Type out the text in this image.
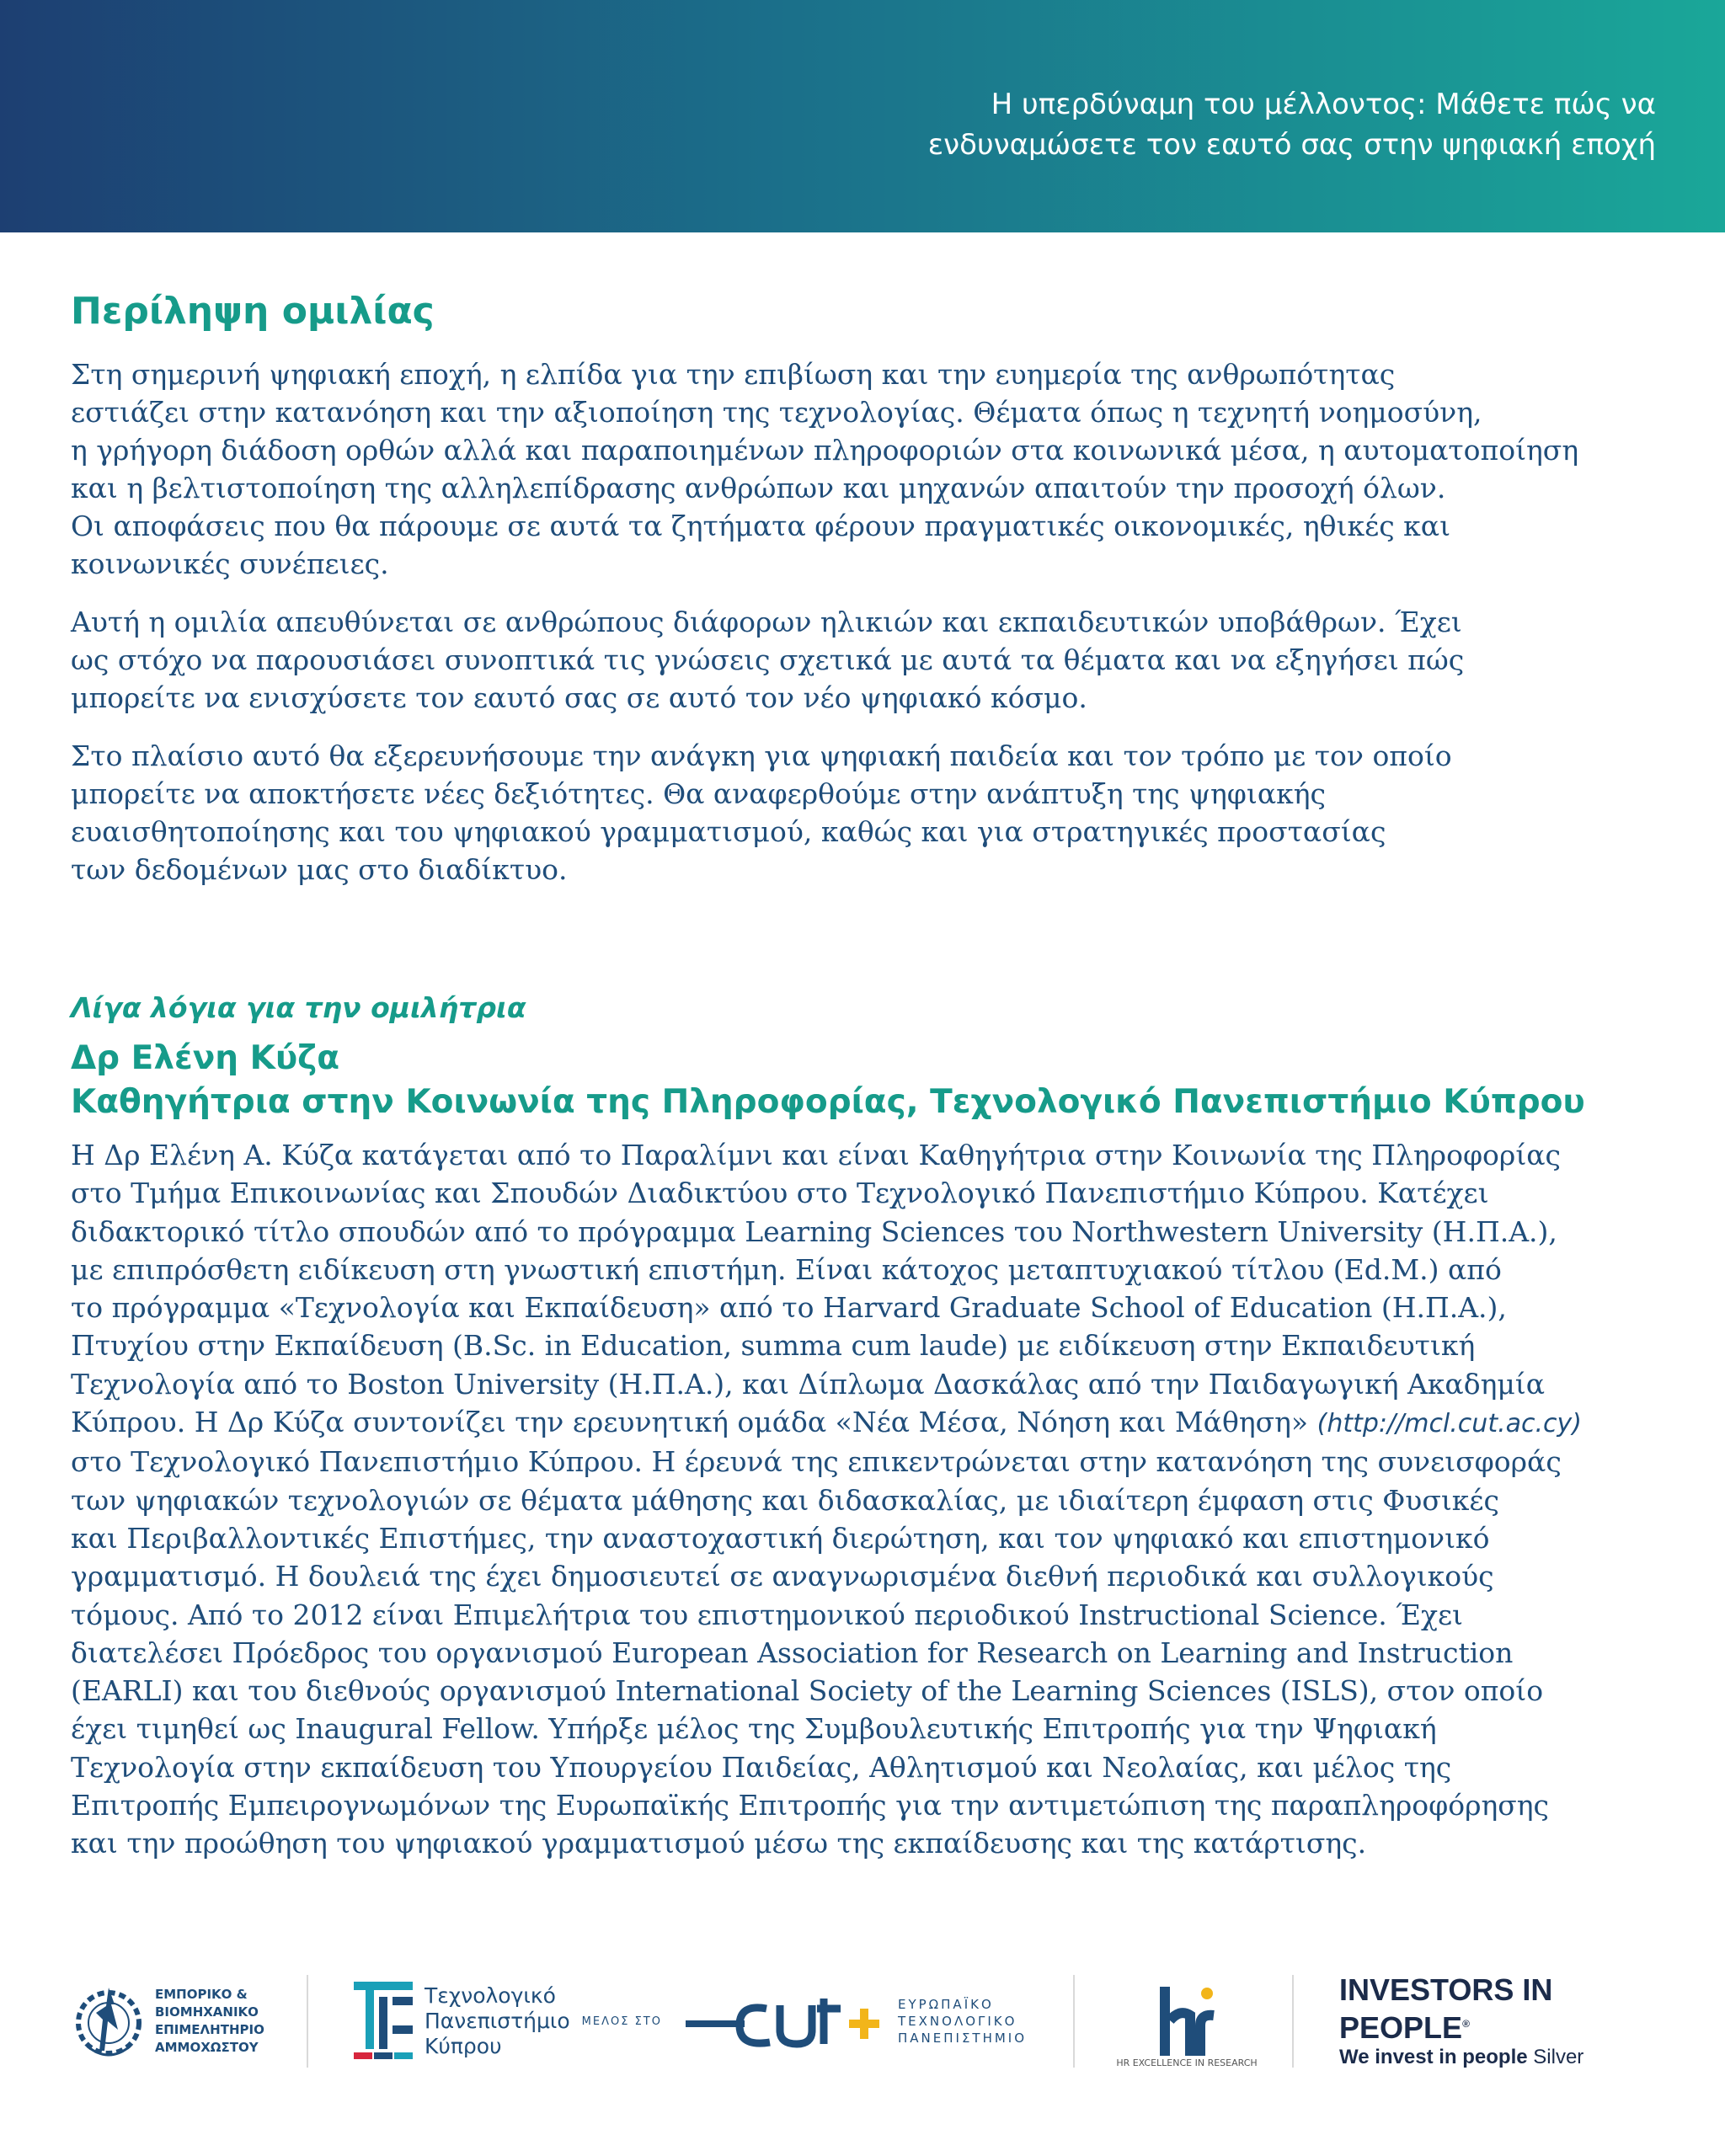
Η υπερδύναμη του μέλλοντος: Μάθετε πώς να
ενδυναμώσετε τον εαυτό σας στην ψηφιακή εποχή
Περίληψη ομιλίας
Στη σημερινή ψηφιακή εποχή, η ελπίδα για την επιβίωση και την ευημερία της ανθρωπότητας
εστιάζει στην κατανόηση και την αξιοποίηση της τεχνολογίας. Θέματα όπως η τεχνητή νοημοσύνη,
η γρήγορη διάδοση ορθών αλλά και παραποιημένων πληροφοριών στα κοινωνικά μέσα, η αυτοματοποίηση
και η βελτιστοποίηση της αλληλεπίδρασης ανθρώπων και μηχανών απαιτούν την προσοχή όλων.
Οι αποφάσεις που θα πάρουμε σε αυτά τα ζητήματα φέρουν πραγματικές οικονομικές, ηθικές και
κοινωνικές συνέπειες.
Αυτή η ομιλία απευθύνεται σε ανθρώπους διάφορων ηλικιών και εκπαιδευτικών υποβάθρων. Έχει
ως στόχο να παρουσιάσει συνοπτικά τις γνώσεις σχετικά με αυτά τα θέματα και να εξηγήσει πώς
μπορείτε να ενισχύσετε τον εαυτό σας σε αυτό τον νέο ψηφιακό κόσμο.
Στο πλαίσιο αυτό θα εξερευνήσουμε την ανάγκη για ψηφιακή παιδεία και τον τρόπο με τον οποίο
μπορείτε να αποκτήσετε νέες δεξιότητες. Θα αναφερθούμε στην ανάπτυξη της ψηφιακής
ευαισθητοποίησης και του ψηφιακού γραμματισμού, καθώς και για στρατηγικές προστασίας
των δεδομένων μας στο διαδίκτυο.
Λίγα λόγια για την ομιλήτρια
Δρ Ελένη Κύζα
Καθηγήτρια στην Κοινωνία της Πληροφορίας, Τεχνολογικό Πανεπιστήμιο Κύπρου
Η Δρ Ελένη Α. Κύζα κατάγεται από το Παραλίμνι και είναι Καθηγήτρια στην Κοινωνία της Πληροφορίας
στο Τμήμα Επικοινωνίας και Σπουδών Διαδικτύου στο Τεχνολογικό Πανεπιστήμιο Κύπρου. Κατέχει
διδακτορικό τίτλο σπουδών από το πρόγραμμα Learning Sciences του Northwestern University (Η.Π.Α.),
με επιπρόσθετη ειδίκευση στη γνωστική επιστήμη. Είναι κάτοχος μεταπτυχιακού τίτλου (Ed.M.) από
το πρόγραμμα «Τεχνολογία και Εκπαίδευση» από το Harvard Graduate School of Education (Η.Π.Α.),
Πτυχίου στην Εκπαίδευση (B.Sc. in Education, summa cum laude) με ειδίκευση στην Εκπαιδευτική
Τεχνολογία από το Boston University (Η.Π.Α.), και Δίπλωμα Δασκάλας από την Παιδαγωγική Ακαδημία
Κύπρου. Η Δρ Κύζα συντονίζει την ερευνητική ομάδα «Νέα Μέσα, Νόηση και Μάθηση» (http://mcl.cut.ac.cy)
στο Τεχνολογικό Πανεπιστήμιο Κύπρου. Η έρευνά της επικεντρώνεται στην κατανόηση της συνεισφοράς
των ψηφιακών τεχνολογιών σε θέματα μάθησης και διδασκαλίας, με ιδιαίτερη έμφαση στις Φυσικές
και Περιβαλλοντικές Επιστήμες, την αναστοχαστική διερώτηση, και τον ψηφιακό και επιστημονικό
γραμματισμό. Η δουλειά της έχει δημοσιευτεί σε αναγνωρισμένα διεθνή περιοδικά και συλλογικούς
τόμους. Από το 2012 είναι Επιμελήτρια του επιστημονικού περιοδικού Instructional Science. Έχει
διατελέσει Πρόεδρος του οργανισμού European Association for Research on Learning and Instruction
(EARLI) και του διεθνούς οργανισμού International Society of the Learning Sciences (ISLS), στον οποίο
έχει τιμηθεί ως Inaugural Fellow. Υπήρξε μέλος της Συμβουλευτικής Επιτροπής για την Ψηφιακή
Τεχνολογία στην εκπαίδευση του Υπουργείου Παιδείας, Αθλητισμού και Νεολαίας, και μέλος της
Επιτροπής Εμπειρογνωμόνων της Ευρωπαϊκής Επιτροπής για την αντιμετώπιση της παραπληροφόρησης
και την προώθηση του ψηφιακού γραμματισμού μέσω της εκπαίδευσης και της κατάρτισης.
ΕΜΠΟΡΙΚΟ &
ΒΙΟΜΗΧΑΝΙΚΟ
ΕΠΙΜΕΛΗΤΗΡΙΟ
ΑΜΜΟΧΩΣΤΟΥ
Τεχνολογικό
Πανεπιστήμιο
Κύπρου
ΜΕΛΟΣ ΣΤΟ
ΕΥΡΩΠΑΪΚΟ
ΤΕΧΝΟΛΟΓΙΚΟ
ΠΑΝΕΠΙΣΤΗΜΙΟ
HR EXCELLENCE IN RESEARCH
INVESTORS IN PEOPLE®
We invest in people Silver
